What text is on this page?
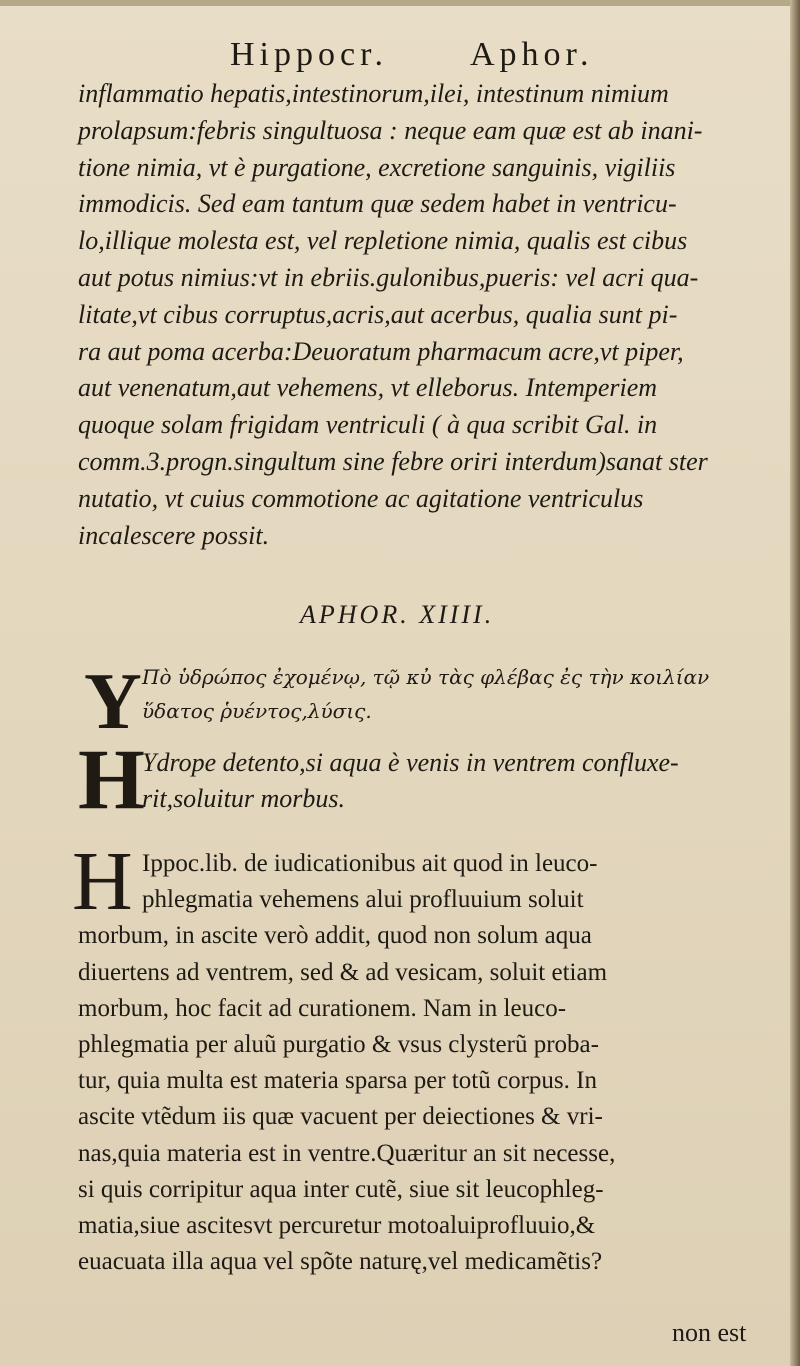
Hippocr. Aphor.
inflammatio hepatis,intestinorum,ilei, intestinum nimium
prolapsum:febris singultuosa : neque eam quæ est ab inani-
tione nimia, vt è purgatione, excretione sanguinis, vigiliis
immodicis. Sed eam tantum quæ sedem habet in ventricu-
lo,illique molesta est, vel repletione nimia, qualis est cibus
aut potus nimius:vt in ebriis.gulonibus,pueris: vel acri qua-
litate,vt cibus corruptus,acris,aut acerbus, qualia sunt pi-
ra aut poma acerba:Deuoratum pharmacum acre,vt piper,
aut venenatum,aut vehemens, vt elleborus. Intemperiem
quoque solam frigidam ventriculi ( à qua scribit Gal. in
comm.3.progn.singultum sine febre oriri interdum)sanat ster
nutatio, vt cuius commotione ac agitatione ventriculus
incalescere possit.
APHOR. XIIII.
Y Πὸ ὑδρώπος ἐχομένῳ, τῷ κὐ τὰς φλέβας ἐς τὴν κοιλίαν
ὕδατος ῥυέντος,λύσις.
H
Ydrope detento,si aqua è venis in ventrem confluxe-
rit,soluitur morbus.
H Ippoc.lib. de iudicationibus ait quod in leuco-
phlegmatia vehemens alui profluuium soluit
morbum, in ascite verò addit, quod non solum aqua
diuertens ad ventrem, sed & ad vesicam, soluit etiam
morbum, hoc facit ad curationem. Nam in leuco-
phlegmatia per aluũ purgatio & vsus clysterũ proba-
tur, quia multa est materia sparsa per totũ corpus. In
ascite vtẽdum iis quæ vacuent per deiectiones & vri-
nas,quia materia est in ventre.Quæritur an sit necesse,
si quis corripitur aqua inter cutẽ, siue sit leucophleg-
matia,siue ascitesvt percuretur motoaluiprofluuio,&
euacuata illa aqua vel spõte naturę,vel medicamẽtis?
non est
